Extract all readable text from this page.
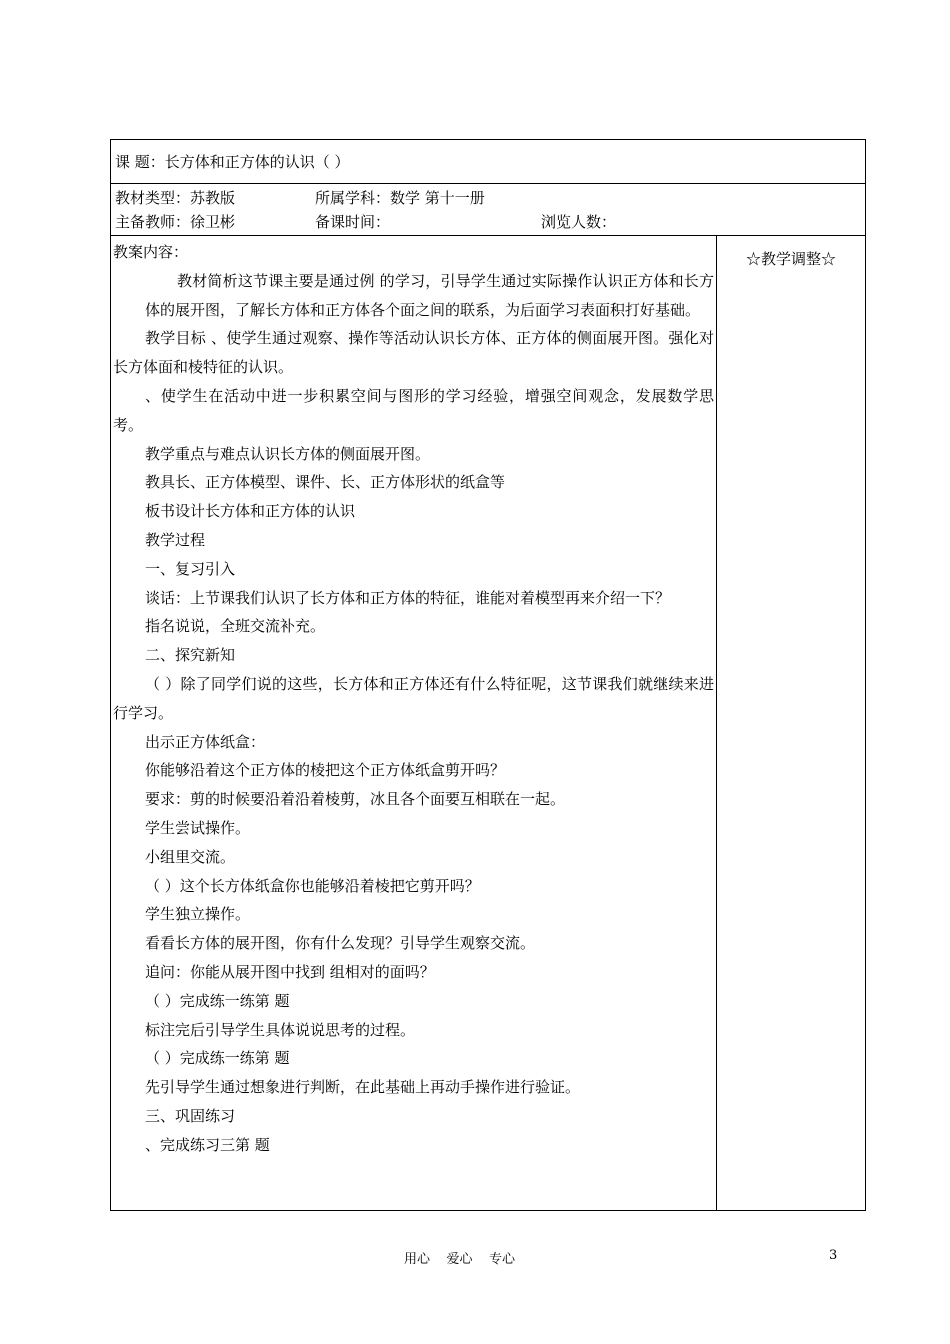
课 题：长方体和正方体的认识（ ）
教材类型：苏教版	所属学科：数学 第十一册
主备教师：徐卫彬	备课时间：	浏览人数：
教案内容：
教材简析这节课主要是通过例 的学习，引导学生通过实际操作认识正方体和长方体的展开图，了解长方体和正方体各个面之间的联系，为后面学习表面积打好基础。
教学目标 、使学生通过观察、操作等活动认识长方体、正方体的侧面展开图。强化对长方体面和棱特征的认识。
、使学生在活动中进一步积累空间与图形的学习经验，增强空间观念，发展数学思考。
教学重点与难点认识长方体的侧面展开图。
教具长、正方体模型、课件、长、正方体形状的纸盒等
板书设计长方体和正方体的认识
教学过程
一、复习引入
谈话：上节课我们认识了长方体和正方体的特征，谁能对着模型再来介绍一下？
指名说说，全班交流补充。
二、探究新知
（ ）除了同学们说的这些，长方体和正方体还有什么特征呢，这节课我们就继续来进行学习。
出示正方体纸盒：
你能够沿着这个正方体的棱把这个正方体纸盒剪开吗？
要求：剪的时候要沿着沿着棱剪，冰且各个面要互相联在一起。
学生尝试操作。
小组里交流。
（ ）这个长方体纸盒你也能够沿着棱把它剪开吗？
学生独立操作。
看看长方体的展开图，你有什么发现？引导学生观察交流。
追问：你能从展开图中找到 组相对的面吗？
（ ）完成练一练第 题
标注完后引导学生具体说说思考的过程。
（ ）完成练一练第 题
先引导学生通过想象进行判断，在此基础上再动手操作进行验证。
三、巩固练习
、完成练习三第 题
☆教学调整☆
用心    爱心    专心	3
